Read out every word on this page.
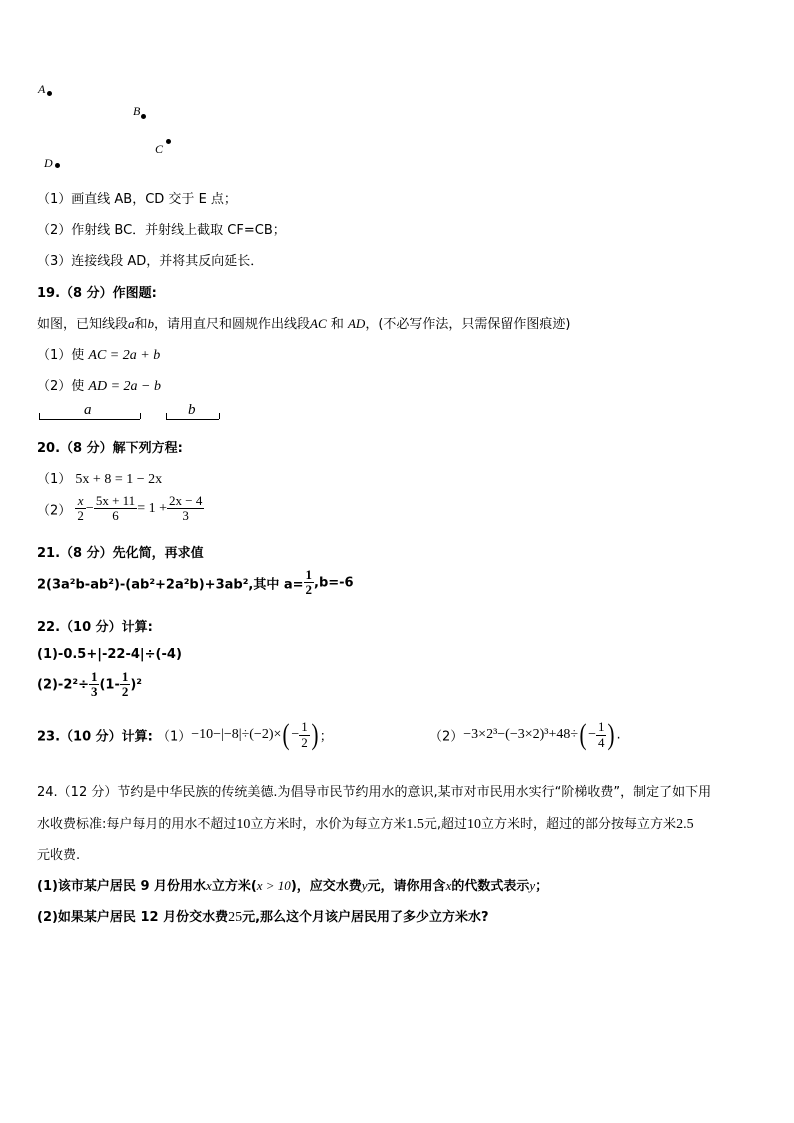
A
B
C
D
（1）画直线 AB，CD 交于 E 点；
（2）作射线 BC．并射线上截取 CF=CB；
（3）连接线段 AD，并将其反向延长．
19.（8 分）作图题:
如图，已知线段a和b，请用直尺和圆规作出线段AC 和 AD，(不必写作法，只需保留作图痕迹)
（1）使 AC = 2a + b
（2）使 AD = 2a − b
a	b
20.（8 分）解下列方程:
（1） 5x + 8 = 1 − 2x
$(2) \frac{x}{2} - \frac{5x + 11}{6} = 1 + \frac{2x - 4}{3}$
21.（8 分）先化简，再求值
2(3a²b-ab²)-(ab²+2a²b)+3ab²,其中 $a= \frac{1}{2} ,b=-6$
22.（10 分）计算:
(1)-0.5+|-22-4|÷(-4)
$(2)-2^2\div \frac{1}{3} (1- \frac{1}{2} )^2$
23.（10 分）计算: $(1)-10-|-8|\div(-2)\times( - \frac{1}{2}$ ) ；	$(2)-3\times 2^3-(-3\times 2)^3+48\div( - \frac{1}{4}$ ) .
24.（12 分）节约是中华民族的传统美德.为倡导市民节约用水的意识,某市对市民用水实行“阶梯收费”，制定了如下用
水收费标准:每户每月的用水不超过10立方米时，水价为每立方米1.5元,超过10立方米时，超过的部分按每立方米2.5
元收费.
(1)该市某户居民 9 月份用水x立方米(x > 10)，应交水费y元，请你用含x的代数式表示y；
(2)如果某户居民 12 月份交水费25元,那么这个月该户居民用了多少立方米水?
